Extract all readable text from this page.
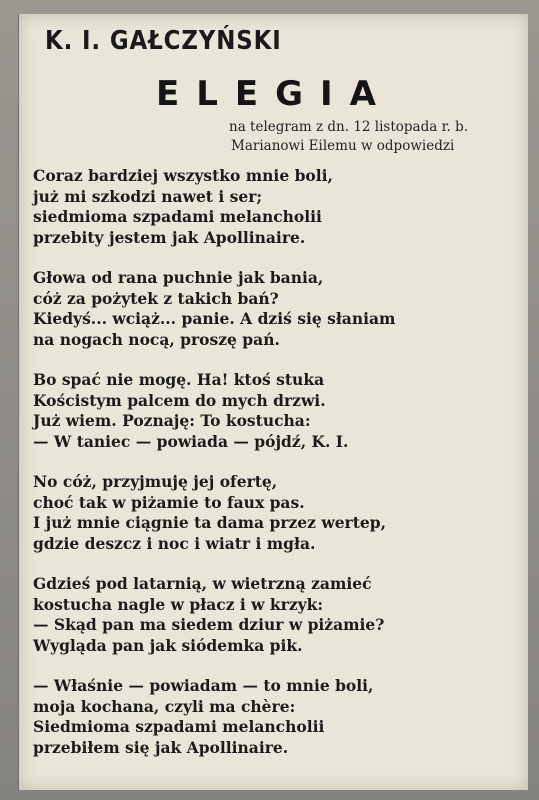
K. I. GAŁCZYŃSKI
ELEGIA
na telegram z dn. 12 listopada r. b.
Marianowi Eilemu w odpowiedzi
Coraz bardziej wszystko mnie boli,
już mi szkodzi nawet i ser;
siedmioma szpadami melancholii
przebity jestem jak Apollinaire.
Głowa od rana puchnie jak bania,
cóż za pożytek z takich bań?
Kiedyś... wciąż... panie. A dziś się słaniam
na nogach nocą, proszę pań.
Bo spać nie mogę. Ha! ktoś stuka
Kościstym palcem do mych drzwi.
Już wiem. Poznaję: To kostucha:
— W taniec — powiada — pójdź, K. I.
No cóż, przyjmuję jej ofertę,
choć tak w piżamie to faux pas.
I już mnie ciągnie ta dama przez wertep,
gdzie deszcz i noc i wiatr i mgła.
Gdzieś pod latarnią, w wietrzną zamieć
kostucha nagle w płacz i w krzyk:
— Skąd pan ma siedem dziur w piżamie?
Wygląda pan jak siódemka pik.
— Właśnie — powiadam — to mnie boli,
moja kochana, czyli ma chère:
Siedmioma szpadami melancholii
przebiłem się jak Apollinaire.
